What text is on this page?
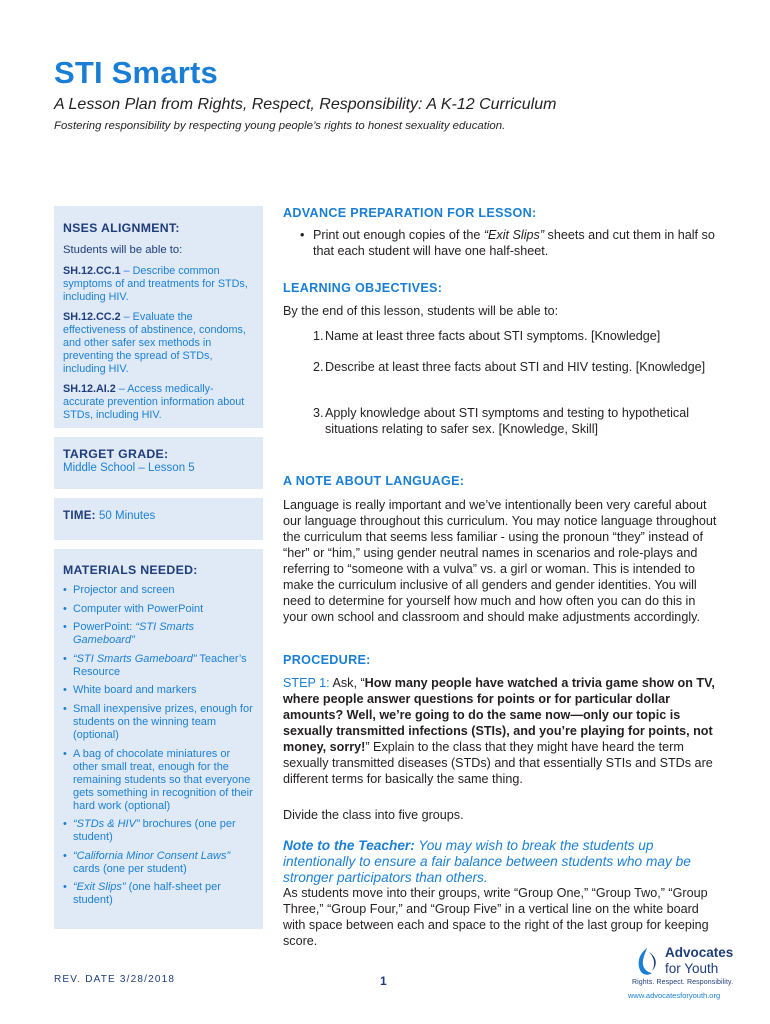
STI Smarts

A Lesson Plan from Rights, Respect, Responsibility: A K-12 Curriculum

Fostering responsibility by respecting young people’s rights to honest sexuality education.

NSES ALIGNMENT:

Students will be able to:

SH.12.CC.1 – Describe common symptoms of and treatments for STDs, including HIV.

SH.12.CC.2 – Evaluate the effectiveness of abstinence, condoms, and other safer sex methods in preventing the spread of STDs, including HIV.

SH.12.AI.2 – Access medically-accurate prevention information about STDs, including HIV.

TARGET GRADE:

Middle School – Lesson 5

TIME: 50 Minutes
MATERIALS NEEDED:
• Projector and screen
• Computer with PowerPoint
• PowerPoint: “STI Smarts Gameboard”
• “STI Smarts Gameboard” Teacher’s Resource
• White board and markers
• Small inexpensive prizes, enough for students on the winning team (optional)
• A bag of chocolate miniatures or other small treat, enough for the remaining students so that everyone gets something in recognition of their hard work (optional)
• “STDs & HIV” brochures (one per student)
• “California Minor Consent Laws” cards (one per student)
• “Exit Slips” (one half-sheet per student)
ADVANCE PREPARATION FOR LESSON:

• Print out enough copies of the “Exit Slips” sheets and cut them in half so that each student will have one half-sheet.

LEARNING OBJECTIVES:

By the end of this lesson, students will be able to:

1. Name at least three facts about STI symptoms. [Knowledge]
2. Describe at least three facts about STI and HIV testing. [Knowledge]
3. Apply knowledge about STI symptoms and testing to hypothetical situations relating to safer sex. [Knowledge, Skill]
A NOTE ABOUT LANGUAGE:

Language is really important and we’ve intentionally been very careful about our language throughout this curriculum. You may notice language throughout the curriculum that seems less familiar - using the pronoun “they” instead of “her” or “him,” using gender neutral names in scenarios and role-plays and referring to “someone with a vulva” vs. a girl or woman. This is intended to make the curriculum inclusive of all genders and gender identities. You will need to determine for yourself how much and how often you can do this in your own school and classroom and should make adjustments accordingly.

PROCEDURE:

STEP 1: Ask, “How many people have watched a trivia game show on TV, where people answer questions for points or for particular dollar amounts? Well, we’re going to do the same now—only our topic is sexually transmitted infections (STIs), and you’re playing for points, not money, sorry!” Explain to the class that they might have heard the term sexually transmitted diseases (STDs) and that essentially STIs and STDs are different terms for basically the same thing.

Divide the class into five groups.

Note to the Teacher: You may wish to break the students up intentionally to ensure a fair balance between students who may be stronger participators than others.

As students move into their groups, write “Group One,” “Group Two,” “Group Three,” “Group Four,” and “Group Five” in a vertical line on the white board with space between each and space to the right of the last group for keeping score.

REV. DATE 3/28/2018	1

Advocates

for Youth

Rights. Respect. Responsibility.

www.advocatesforyouth.org
